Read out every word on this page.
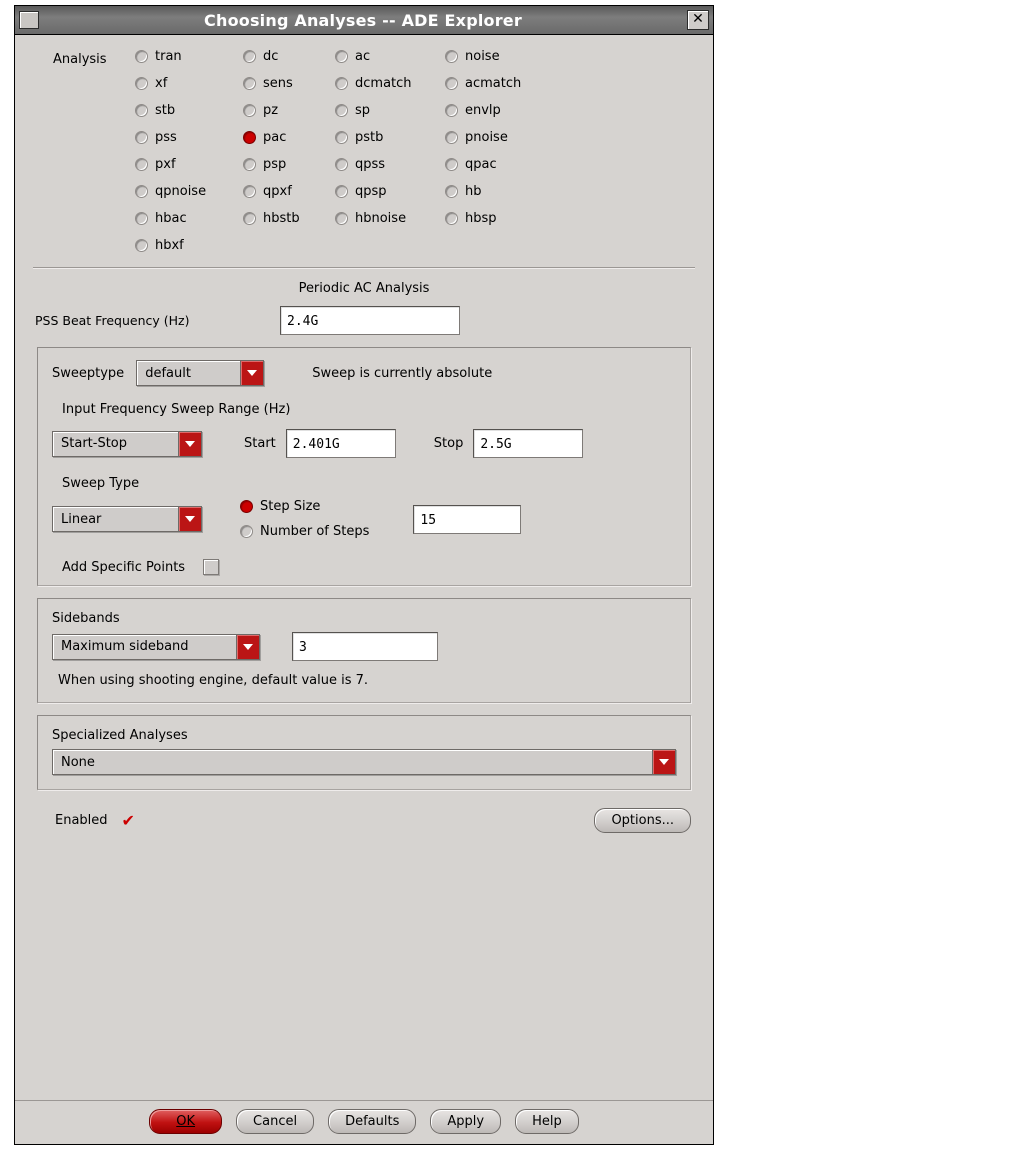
Choosing Analyses -- ADE Explorer	✕
Analysis	tran	dc	ac	noise
xf	sens	dcmatch	acmatch
stb	pz	sp	envlp
pss	pac	pstb	pnoise
pxf	psp	qpss	qpac
qpnoise	qpxf	qpsp	hb
hbac	hbstb	hbnoise	hbsp
hbxf
Periodic AC Analysis
PSS Beat Frequency (Hz)	2.4G
Sweeptype	default	Sweep is currently absolute
Input Frequency Sweep Range (Hz)
Start-Stop	Start	2.401G	Stop	2.5G
Sweep Type
Linear
Step Size
Number of Steps
15
Add Specific Points
Sidebands
Maximum sideband	3
When using shooting engine, default value is 7.
Specialized Analyses
None
Enabled ✔	Options...
OK	Cancel	Defaults	Apply	Help
